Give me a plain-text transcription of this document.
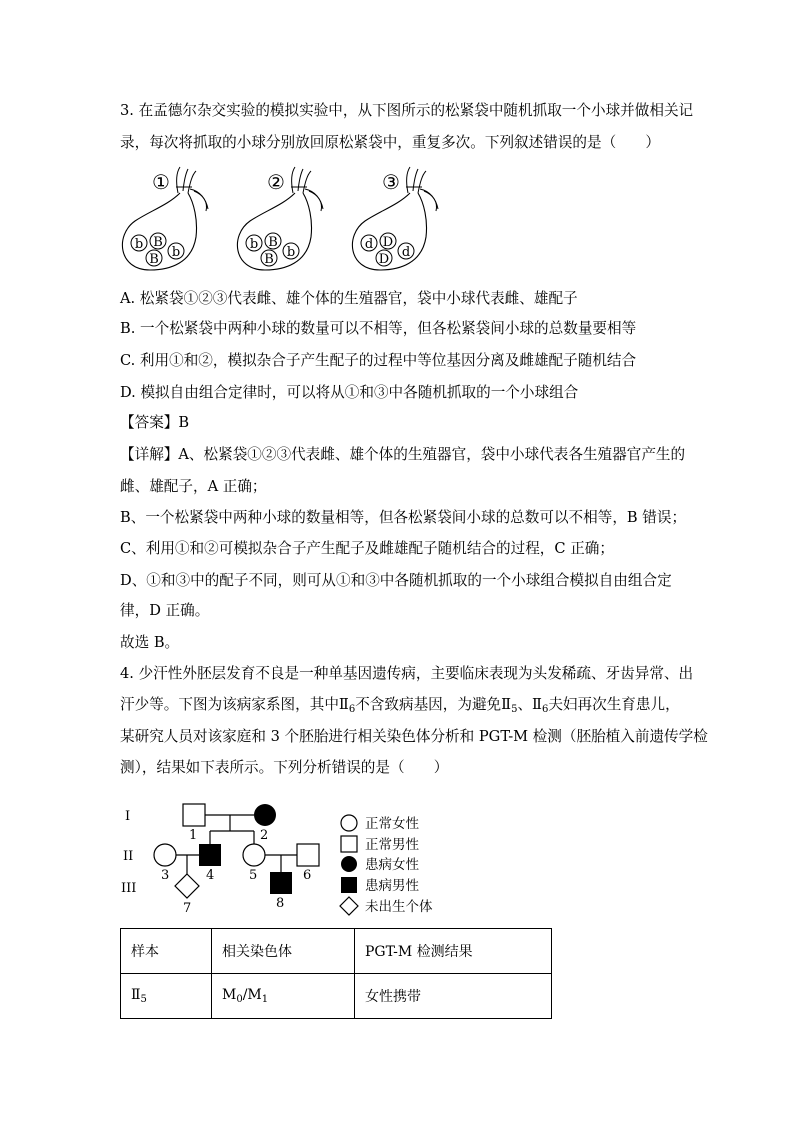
3. 在孟德尔杂交实验的模拟实验中，从下图所示的松紧袋中随机抓取一个小球并做相关记
录，每次将抓取的小球分别放回原松紧袋中，重复多次。下列叙述错误的是（　　）
①
b B
B b
②
b B
B b
③
d D
D d
A. 松紧袋①②③代表雌、雄个体的生殖器官，袋中小球代表雌、雄配子
B. 一个松紧袋中两种小球的数量可以不相等，但各松紧袋间小球的总数量要相等
C. 利用①和②，模拟杂合子产生配子的过程中等位基因分离及雌雄配子随机结合
D. 模拟自由组合定律时，可以将从①和③中各随机抓取的一个小球组合
【答案】B
【详解】A、松紧袋①②③代表雌、雄个体的生殖器官，袋中小球代表各生殖器官产生的
雌、雄配子，A 正确；
B、一个松紧袋中两种小球的数量相等，但各松紧袋间小球的总数可以不相等，B 错误；
C、利用①和②可模拟杂合子产生配子及雌雄配子随机结合的过程，C 正确；
D、①和③中的配子不同，则可从①和③中各随机抓取的一个小球组合模拟自由组合定
律，D 正确。
故选 B。
4. 少汗性外胚层发育不良是一种单基因遗传病，主要临床表现为头发稀疏、牙齿异常、出
汗少等。下图为该病家系图，其中$Ⅱ_6$不含致病基因，为避免$Ⅱ_5$、$Ⅱ_6$夫妇再次生育患儿，
某研究人员对该家庭和 3 个胚胎进行相关染色体分析和 PGT-M 检测（胚胎植入前遗传学检
测），结果如下表所示。下列分析错误的是（　　）
I
II
III
1	2
3	4	5	6
7	8
正常女性
正常男性
患病女性
患病男性
未出生个体
样本	相关染色体	PGT-M 检测结果
$Ⅱ_5$	$M_0/M_1$	女性携带
